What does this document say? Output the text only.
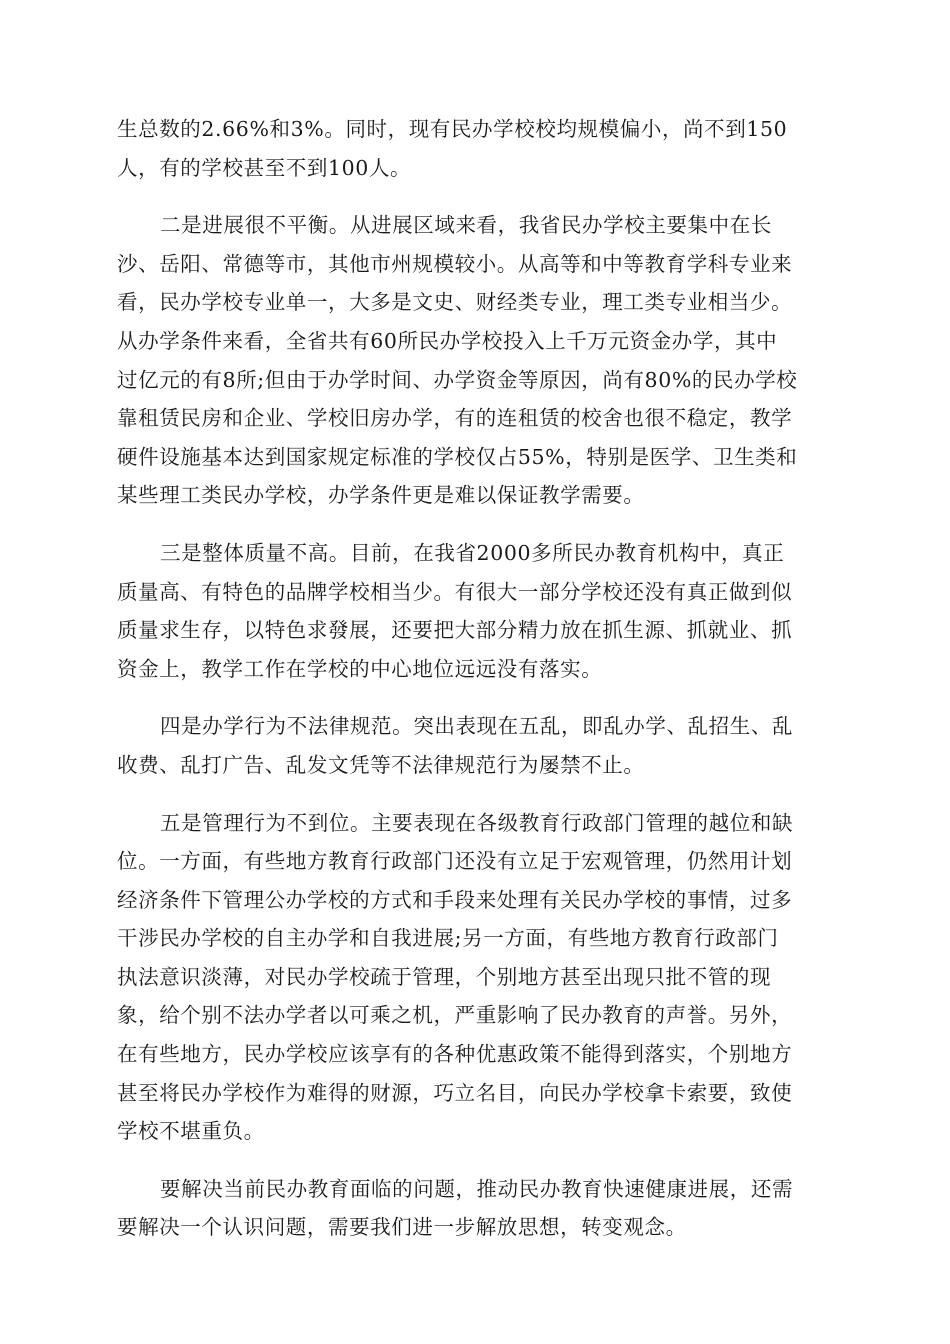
生总数的2.66%和3%。同时，现有民办学校校均规模偏小，尚不到150
人，有的学校甚至不到100人。

二是进展很不平衡。从进展区域来看，我省民办学校主要集中在长
沙、岳阳、常德等市，其他市州规模较小。从高等和中等教育学科专业来
看，民办学校专业单一，大多是文史、财经类专业，理工类专业相当少。
从办学条件来看，全省共有60所民办学校投入上千万元资金办学，其中
过亿元的有8所;但由于办学时间、办学资金等原因，尚有80%的民办学校
靠租赁民房和企业、学校旧房办学，有的连租赁的校舍也很不稳定，教学
硬件设施基本达到国家规定标准的学校仅占55%，特别是医学、卫生类和
某些理工类民办学校，办学条件更是难以保证教学需要。

三是整体质量不高。目前，在我省2000多所民办教育机构中，真正
质量高、有特色的品牌学校相当少。有很大一部分学校还没有真正做到似
质量求生存，以特色求發展，还要把大部分精力放在抓生源、抓就业、抓
资金上，教学工作在学校的中心地位远远没有落实。

四是办学行为不法律规范。突出表现在五乱，即乱办学、乱招生、乱
收费、乱打广告、乱发文凭等不法律规范行为屡禁不止。

五是管理行为不到位。主要表现在各级教育行政部门管理的越位和缺
位。一方面，有些地方教育行政部门还没有立足于宏观管理，仍然用计划
经济条件下管理公办学校的方式和手段来处理有关民办学校的事情，过多
干涉民办学校的自主办学和自我进展;另一方面，有些地方教育行政部门
执法意识淡薄，对民办学校疏于管理，个别地方甚至出现只批不管的现
象，给个别不法办学者以可乘之机，严重影响了民办教育的声誉。另外，
在有些地方，民办学校应该享有的各种优惠政策不能得到落实，个别地方
甚至将民办学校作为难得的财源，巧立名目，向民办学校拿卡索要，致使
学校不堪重负。

要解决当前民办教育面临的问题，推动民办教育快速健康进展，还需
要解决一个认识问题，需要我们进一步解放思想，转变观念。
